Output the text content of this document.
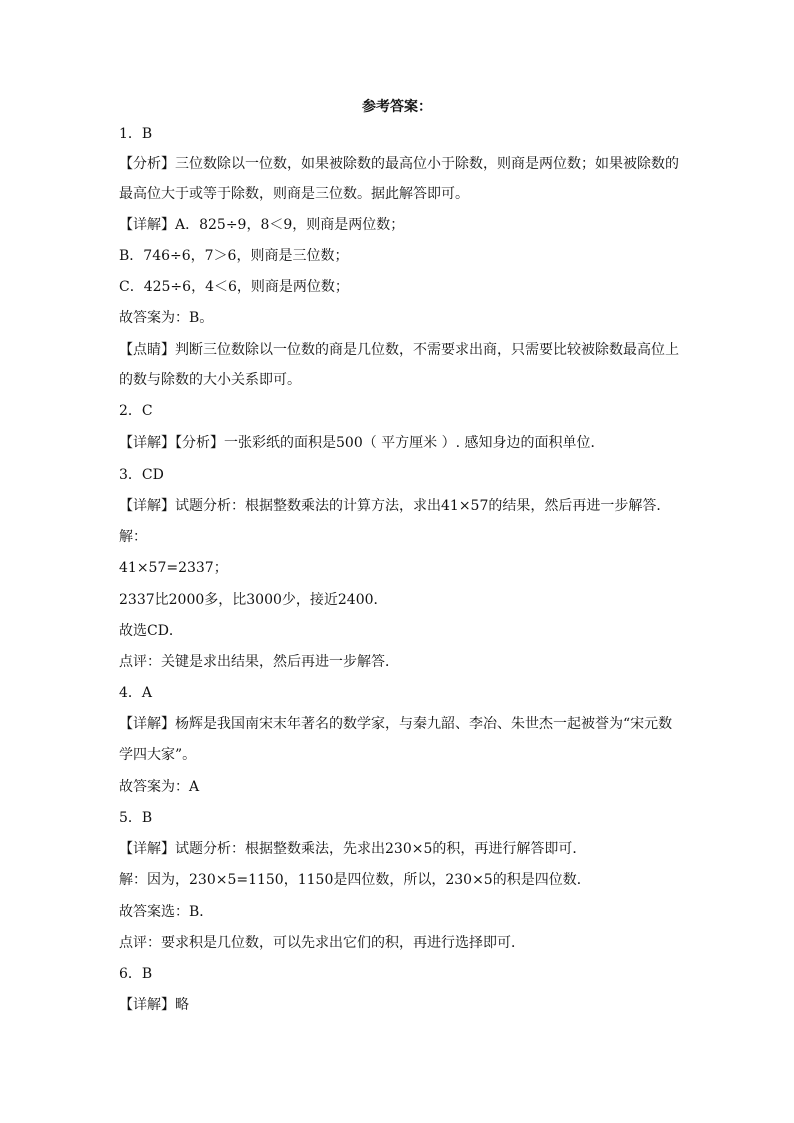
参考答案：
1．B
【分析】三位数除以一位数，如果被除数的最高位小于除数，则商是两位数；如果被除数的
最高位大于或等于除数，则商是三位数。据此解答即可。
【详解】A．825÷9，8＜9，则商是两位数；
B．746÷6，7＞6，则商是三位数；
C．425÷6，4＜6，则商是两位数；
故答案为：B。
【点睛】判断三位数除以一位数的商是几位数，不需要求出商，只需要比较被除数最高位上
的数与除数的大小关系即可。
2．C
【详解】【分析】一张彩纸的面积是500（ 平方厘米 ）. 感知身边的面积单位．
3．CD
【详解】试题分析：根据整数乘法的计算方法，求出41×57的结果，然后再进一步解答．
解：
41×57=2337；
2337比2000多，比3000少，接近2400．
故选CD．
点评：关键是求出结果，然后再进一步解答．
4．A
【详解】杨辉是我国南宋末年著名的数学家，与秦九韶、李冶、朱世杰一起被誉为“宋元数
学四大家”。
故答案为：A
5．B
【详解】试题分析：根据整数乘法，先求出230×5的积，再进行解答即可．
解：因为，230×5=1150，1150是四位数，所以，230×5的积是四位数．
故答案选：B．
点评：要求积是几位数，可以先求出它们的积，再进行选择即可．
6．B
【详解】略
